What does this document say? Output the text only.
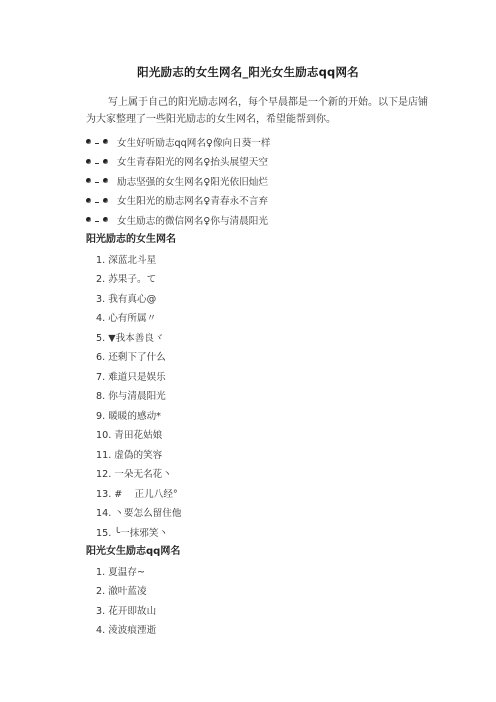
阳光励志的女生网名_阳光女生励志qq网名
写上属于自己的阳光励志网名，每个早晨都是一个新的开始。以下是店铺为大家整理了一些阳光励志的女生网名，希望能帮到你。
女生好听励志qq网名♀像向日葵一样
女生青春阳光的网名♀抬头展望天空
励志坚强的女生网名♀阳光依旧灿烂
女生阳光的励志网名♀青春永不言弃
女生励志的微信网名♀你与清晨阳光
阳光励志的女生网名
1. 深蓝北斗星
2. 苏果子。て
3. 我有真心@
4. 心有所属〃
5. ▼我本善良ヾ
6. 还剩下了什么
7. 难道只是娱乐
8. 你与清晨阳光
9. 暖暖的感动*
10. 青田花姑娘
11. 虚偽的笑容
12. 一朵无名花丶
13. #    正儿八经°
14. 丶要怎么留住他
15. ╰一抹邪笑丶
阳光女生励志qq网名
1. 夏温存~
2. 澈叶蓝凌
3. 花开即故山
4. 淩波痕湮逝
